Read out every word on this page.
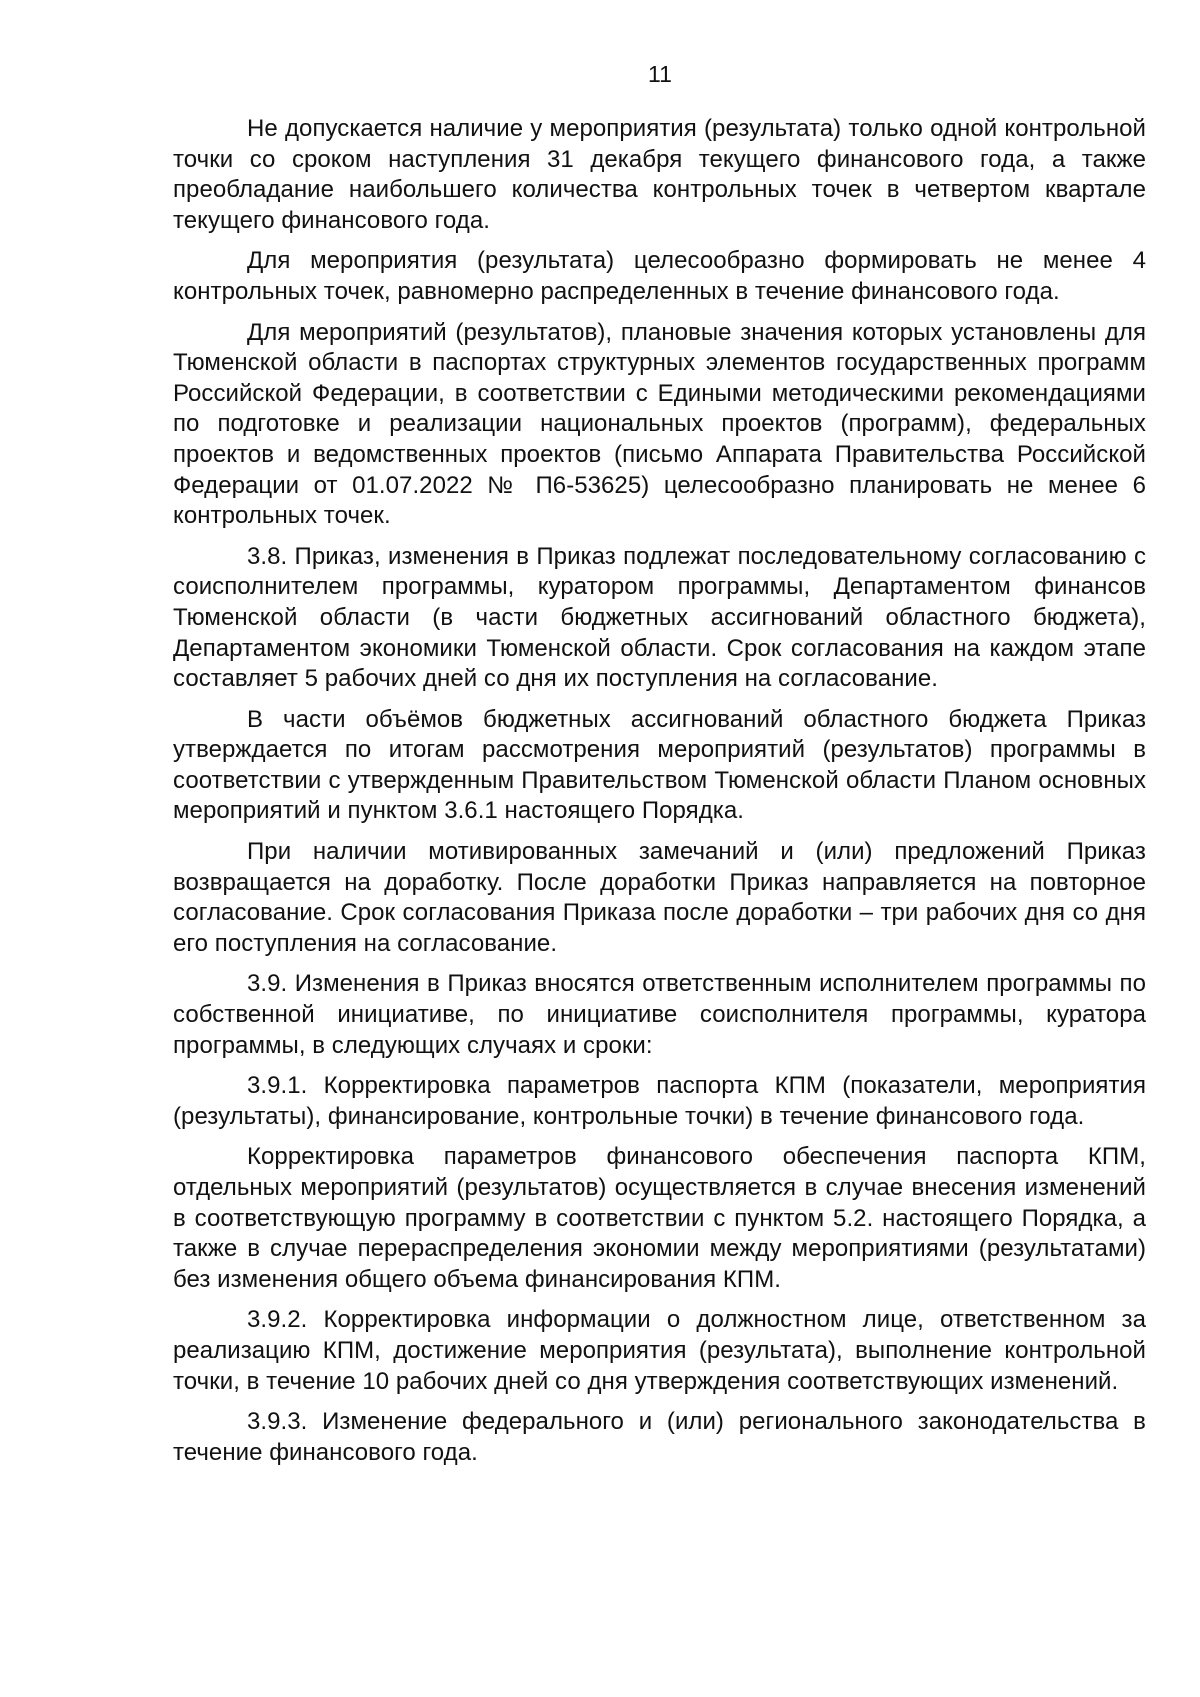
11

Не допускается наличие у мероприятия (результата) только одной контрольной точки со сроком наступления 31 декабря текущего финансового года, а также преобладание наибольшего количества контрольных точек в четвертом квартале текущего финансового года.

Для мероприятия (результата) целесообразно формировать не менее 4 контрольных точек, равномерно распределенных в течение финансового года.

Для мероприятий (результатов), плановые значения которых установлены для Тюменской области в паспортах структурных элементов государственных программ Российской Федерации, в соответствии с Едиными методическими рекомендациями по подготовке и реализации национальных проектов (программ), федеральных проектов и ведомственных проектов (письмо Аппарата Правительства Российской Федерации от 01.07.2022 № П6-53625) целесообразно планировать не менее 6 контрольных точек.

3.8. Приказ, изменения в Приказ подлежат последовательному согласованию с соисполнителем программы, куратором программы, Департаментом финансов Тюменской области (в части бюджетных ассигнований областного бюджета), Департаментом экономики Тюменской области. Срок согласования на каждом этапе составляет 5 рабочих дней со дня их поступления на согласование.

В части объёмов бюджетных ассигнований областного бюджета Приказ утверждается по итогам рассмотрения мероприятий (результатов) программы в соответствии с утвержденным Правительством Тюменской области Планом основных мероприятий и пунктом 3.6.1 настоящего Порядка.

При наличии мотивированных замечаний и (или) предложений Приказ возвращается на доработку. После доработки Приказ направляется на повторное согласование. Срок согласования Приказа после доработки – три рабочих дня со дня его поступления на согласование.

3.9. Изменения в Приказ вносятся ответственным исполнителем программы по собственной инициативе, по инициативе соисполнителя программы, куратора программы, в следующих случаях и сроки:

3.9.1. Корректировка параметров паспорта КПМ (показатели, мероприятия (результаты), финансирование, контрольные точки) в течение финансового года.

Корректировка параметров финансового обеспечения паспорта КПМ, отдельных мероприятий (результатов) осуществляется в случае внесения изменений в соответствующую программу в соответствии с пунктом 5.2. настоящего Порядка, а также в случае перераспределения экономии между мероприятиями (результатами) без изменения общего объема финансирования КПМ.

3.9.2. Корректировка информации о должностном лице, ответственном за реализацию КПМ, достижение мероприятия (результата), выполнение контрольной точки, в течение 10 рабочих дней со дня утверждения соответствующих изменений.

3.9.3. Изменение федерального и (или) регионального законодательства в течение финансового года.
